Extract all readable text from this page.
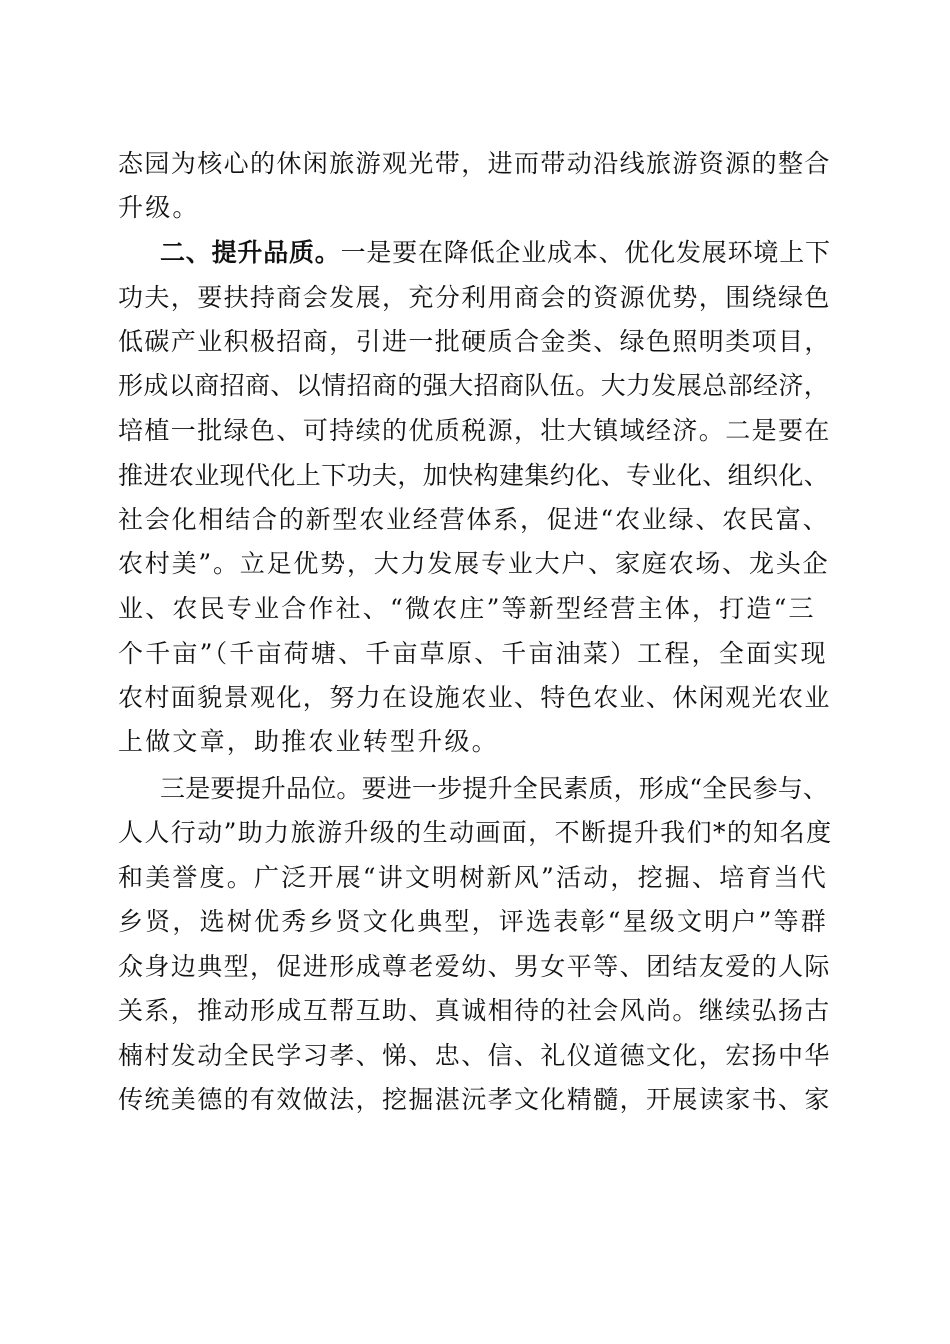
态园为核心的休闲旅游观光带，进而带动沿线旅游资源的整合
升级。
二、提升品质。一是要在降低企业成本、优化发展环境上下
功夫，要扶持商会发展，充分利用商会的资源优势，围绕绿色
低碳产业积极招商，引进一批硬质合金类、绿色照明类项目，
形成以商招商、以情招商的强大招商队伍。大力发展总部经济，
培植一批绿色、可持续的优质税源，壮大镇域经济。二是要在
推进农业现代化上下功夫，加快构建集约化、专业化、组织化、
社会化相结合的新型农业经营体系，促进“农业绿、农民富、
农村美”。立足优势，大力发展专业大户、家庭农场、龙头企
业、农民专业合作社、“微农庄”等新型经营主体，打造“三
个千亩”（千亩荷塘、千亩草原、千亩油菜）工程，全面实现
农村面貌景观化，努力在设施农业、特色农业、休闲观光农业
上做文章，助推农业转型升级。
三是要提升品位。要进一步提升全民素质，形成“全民参与、
人人行动”助力旅游升级的生动画面，不断提升我们*的知名度
和美誉度。广泛开展“讲文明树新风”活动，挖掘、培育当代
乡贤，选树优秀乡贤文化典型，评选表彰“星级文明户”等群
众身边典型，促进形成尊老爱幼、男女平等、团结友爱的人际
关系，推动形成互帮互助、真诚相待的社会风尚。继续弘扬古
楠村发动全民学习孝、悌、忠、信、礼仪道德文化，宏扬中华
传统美德的有效做法，挖掘湛沅孝文化精髓，开展读家书、家
